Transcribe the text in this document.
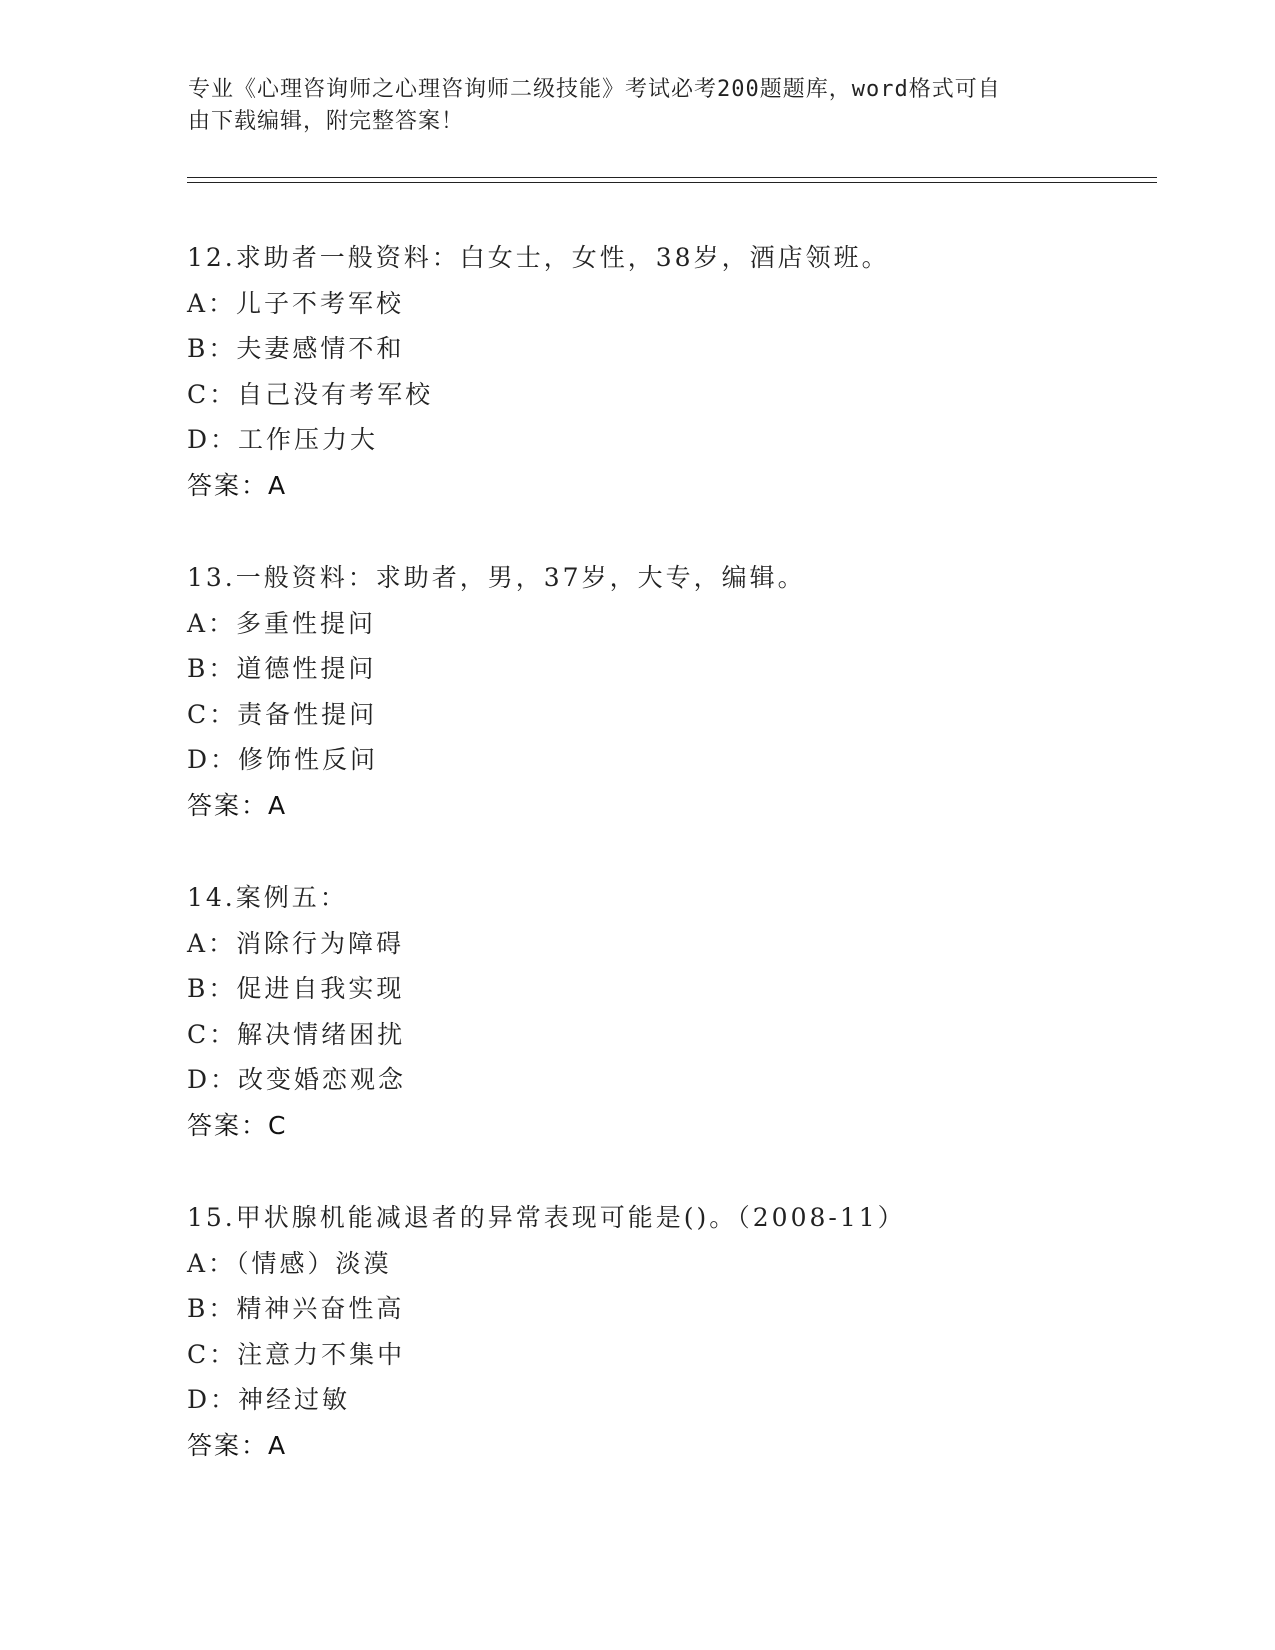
专业《心理咨询师之心理咨询师二级技能》考试必考200题题库，word格式可自
由下载编辑，附完整答案！
12.求助者一般资料：白女士，女性，38岁，酒店领班。
A：儿子不考军校
B：夫妻感情不和
C：自己没有考军校
D：工作压力大
答案：A
13.一般资料：求助者，男，37岁，大专，编辑。
A：多重性提问
B：道德性提问
C：责备性提问
D：修饰性反问
答案：A
14.案例五：
A：消除行为障碍
B：促进自我实现
C：解决情绪困扰
D：改变婚恋观念
答案：C
15.甲状腺机能减退者的异常表现可能是()。（2008-11）
A：（情感）淡漠
B：精神兴奋性高
C：注意力不集中
D：神经过敏
答案：A
